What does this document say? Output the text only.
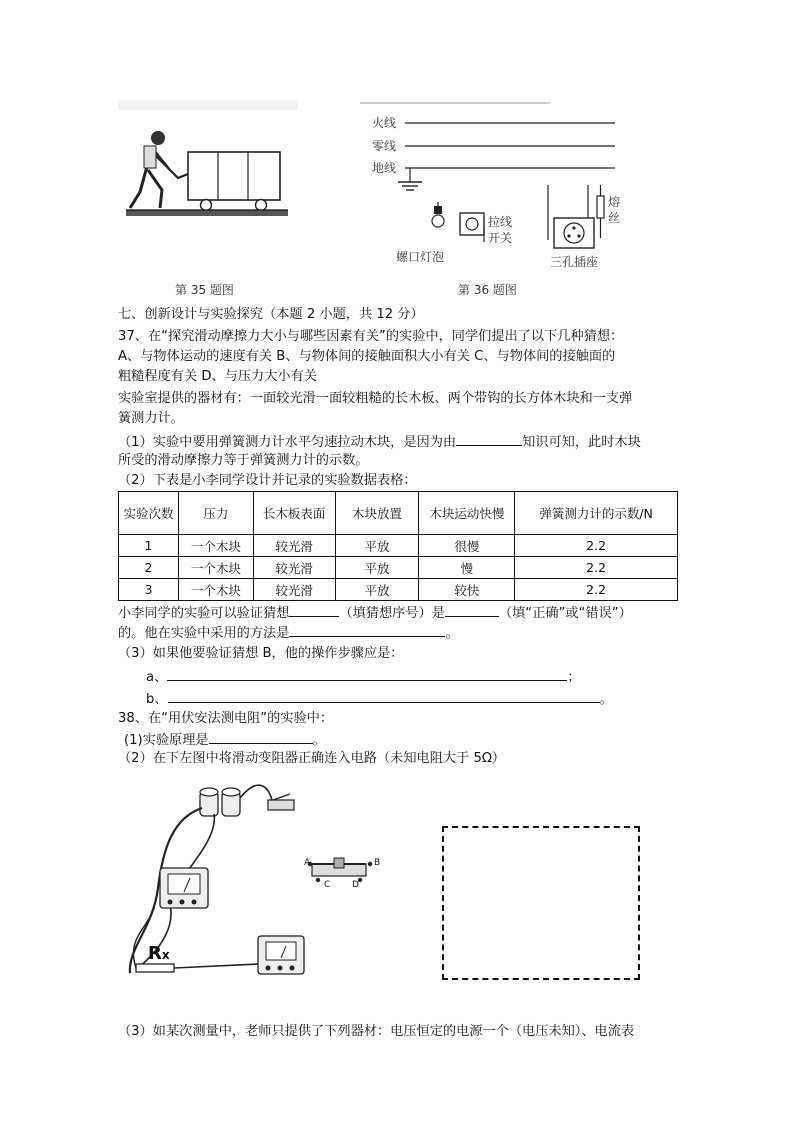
第 35 题图
火线
零线
地线
螺口灯泡
拉线
开关
三孔插座
熔
丝
第 36 题图
七、创新设计与实验探究（本题 2 小题，共 12 分）
37、在“探究滑动摩擦力大小与哪些因素有关”的实验中，同学们提出了以下几种猜想：
A、与物体运动的速度有关 B、与物体间的接触面积大小有关 C、与物体间的接触面的
粗糙程度有关 D、与压力大小有关
实验室提供的器材有：一面较光滑一面较粗糙的长木板、两个带钩的长方体木块和一支弹
簧测力计。
（1）实验中要用弹簧测力计水平匀速拉动木块，是因为由	知识可知，此时木块
所受的滑动摩擦力等于弹簧测力计的示数。
（2）下表是小李同学设计并记录的实验数据表格：
实验次数	压力	长木板表面	木块放置	木块运动快慢	弹簧测力计的示数/N
1	一个木块	较光滑	平放	很慢	2.2
2	一个木块	较光滑	平放	慢	2.2
3	一个木块	较光滑	平放	较快	2.2
小李同学的实验可以验证猜想	（填猜想序号）是	（填“正确”或“错误”）
的。他在实验中采用的方法是	。
（3）如果他要验证猜想 B，他的操作步骤应是：
a、	；
b、	。
38、在“用伏安法测电阻”的实验中：
(1)实验原理是	。
（2）在下左图中将滑动变阻器正确连入电路（未知电阻大于 5Ω）
Rx
A	B
C D
（3）如某次测量中，老师只提供了下列器材：电压恒定的电源一个（电压未知）、电流表
